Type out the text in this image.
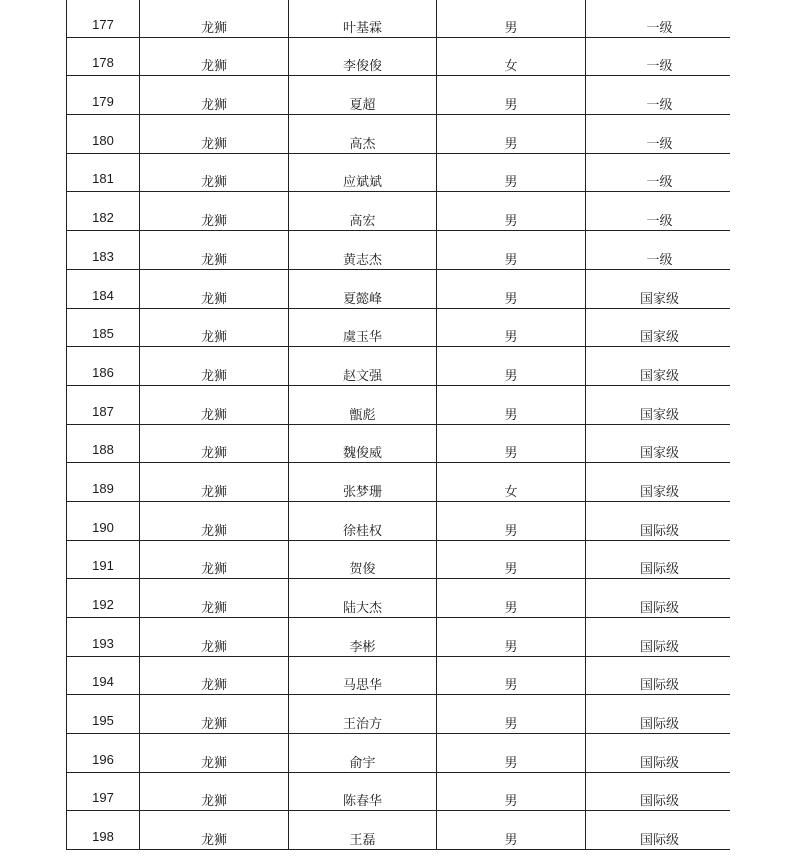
177	龙狮	叶基霖	男	一级
178	龙狮	李俊俊	女	一级
179	龙狮	夏超	男	一级
180	龙狮	高杰	男	一级
181	龙狮	应斌斌	男	一级
182	龙狮	高宏	男	一级
183	龙狮	黄志杰	男	一级
184	龙狮	夏懿峰	男	国家级
185	龙狮	虞玉华	男	国家级
186	龙狮	赵文强	男	国家级
187	龙狮	甑彪	男	国家级
188	龙狮	魏俊威	男	国家级
189	龙狮	张梦珊	女	国家级
190	龙狮	徐桂权	男	国际级
191	龙狮	贺俊	男	国际级
192	龙狮	陆大杰	男	国际级
193	龙狮	李彬	男	国际级
194	龙狮	马思华	男	国际级
195	龙狮	王治方	男	国际级
196	龙狮	俞宇	男	国际级
197	龙狮	陈春华	男	国际级
198	龙狮	王磊	男	国际级
